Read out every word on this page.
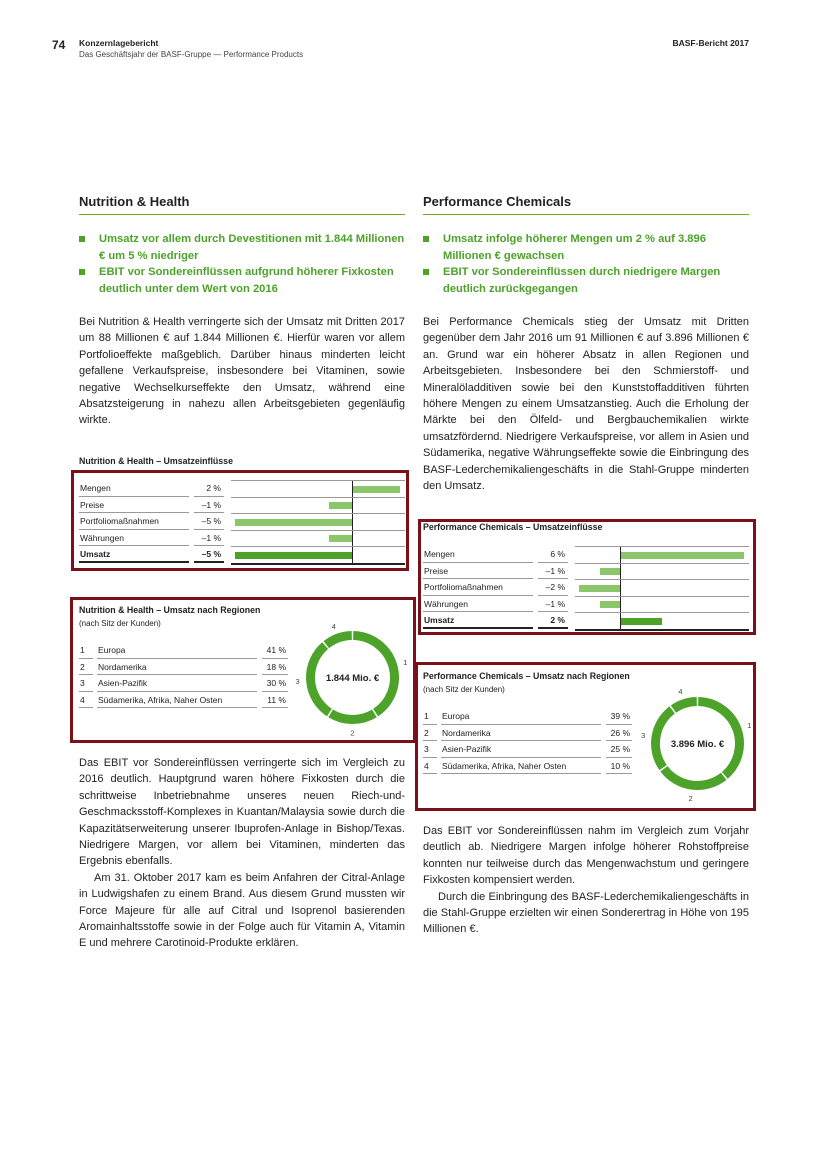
74 Konzernlagebericht
Das Geschäftsjahr der BASF-Gruppe — Performance Products
BASF-Bericht 2017
Nutrition & Health
Umsatz vor allem durch Devestitionen mit 1.844 Millionen € um 5 % niedriger
EBIT vor Sondereinflüssen aufgrund höherer Fixkosten deutlich unter dem Wert von 2016

Bei Nutrition & Health verringerte sich der Umsatz mit Dritten 2017 um 88 Millionen € auf 1.844 Millionen €. Hierfür waren vor allem Portfolioeffekte maßgeblich. Darüber hinaus minderten leicht gefallene Verkaufspreise, insbesondere bei Vitaminen, sowie negative Wechselkurseffekte den Umsatz, während eine Absatzsteigerung in nahezu allen Arbeitsgebieten gegenläufig wirkte.

Nutrition & Health – Umsatzeinflüsse
Mengen	2 %
Preise	–1 %
Portfoliomaßnahmen	–5 %
Währungen	–1 %
Umsatz	–5 %
Nutrition & Health – Umsatz nach Regionen
(nach Sitz der Kunden)
1	Europa	41 %
2	Nordamerika	18 %
3	Asien-Pazifik	30 %
4	Südamerika, Afrika, Naher Osten	11 %
1
2
3
4
1.844 Mio. €

Das EBIT vor Sondereinflüssen verringerte sich im Vergleich zu 2016 deutlich. Hauptgrund waren höhere Fixkosten durch die schrittweise Inbetriebnahme unseres neuen Riech-und-Geschmacksstoff-Komplexes in Kuantan/Malaysia sowie durch die Kapazitätserweiterung unserer Ibuprofen-Anlage in Bishop/Texas. Niedrigere Margen, vor allem bei Vitaminen, minderten das Ergebnis ebenfalls.

Am 31. Oktober 2017 kam es beim Anfahren der Citral-Anlage in Ludwigshafen zu einem Brand. Aus diesem Grund mussten wir Force Majeure für alle auf Citral und Isoprenol basierenden Aromainhaltsstoffe sowie in der Folge auch für Vitamin A, Vitamin E und mehrere Carotinoid-Produkte erklären.

Performance Chemicals
Umsatz infolge höherer Mengen um 2 % auf 3.896 Millionen € gewachsen
EBIT vor Sondereinflüssen durch niedrigere Margen deutlich zurückgegangen

Bei Performance Chemicals stieg der Umsatz mit Dritten gegenüber dem Jahr 2016 um 91 Millionen € auf 3.896 Millionen € an. Grund war ein höherer Absatz in allen Regionen und Arbeitsgebieten. Insbesondere bei den Schmierstoff- und Mineralöladditiven sowie bei den Kunststoffadditiven führten höhere Mengen zu einem Umsatzanstieg. Auch die Erholung der Märkte bei den Ölfeld- und Bergbauchemikalien wirkte umsatzfördernd. Niedrigere Verkaufspreise, vor allem in Asien und Südamerika, negative Währungseffekte sowie die Einbringung des BASF-Lederchemikaliengeschäfts in die Stahl-Gruppe minderten den Umsatz.

Performance Chemicals – Umsatzeinflüsse
Mengen	6 %
Preise	–1 %
Portfoliomaßnahmen	–2 %
Währungen	–1 %
Umsatz	2 %
Performance Chemicals – Umsatz nach Regionen
(nach Sitz der Kunden)
1	Europa	39 %
2	Nordamerika	26 %
3	Asien-Pazifik	25 %
4	Südamerika, Afrika, Naher Osten	10 %
1
2
3
4
3.896 Mio. €

Das EBIT vor Sondereinflüssen nahm im Vergleich zum Vorjahr deutlich ab. Niedrigere Margen infolge höherer Rohstoffpreise konnten nur teilweise durch das Mengenwachstum und geringere Fixkosten kompensiert werden.

Durch die Einbringung des BASF-Lederchemikaliengeschäfts in die Stahl-Gruppe erzielten wir einen Sonderertrag in Höhe von 195 Millionen €.
